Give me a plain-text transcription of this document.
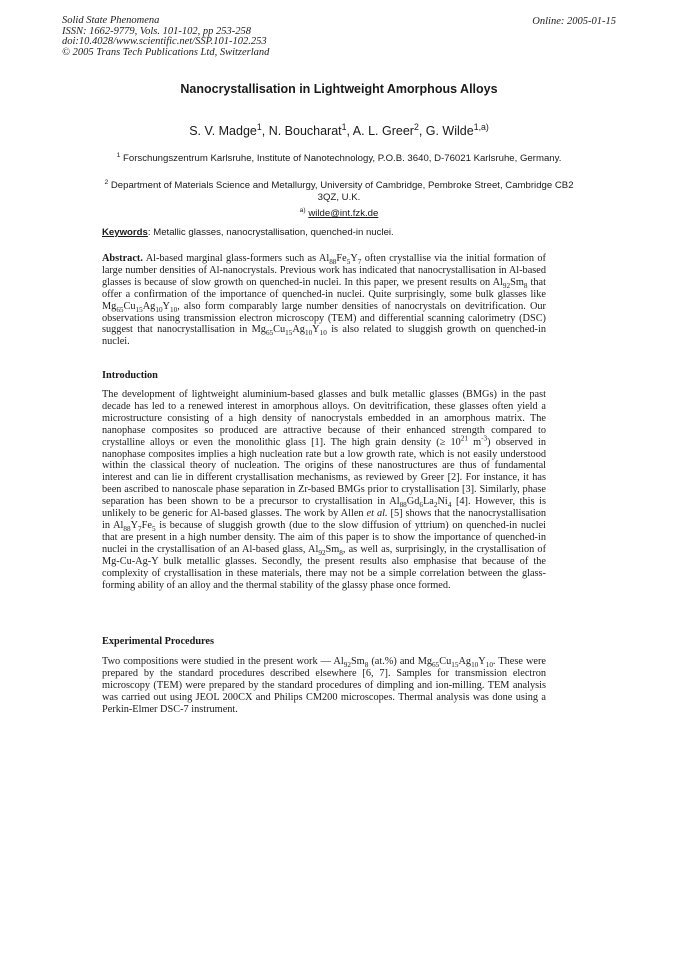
Solid State Phenomena
ISSN: 1662-9779, Vols. 101-102, pp 253-258
doi:10.4028/www.scientific.net/SSP.101-102.253
© 2005 Trans Tech Publications Ltd, Switzerland
Online: 2005-01-15
Nanocrystallisation in Lightweight Amorphous Alloys
S. V. Madge$^1$, N. Boucharat$^1$, A. L. Greer$^2$, G. Wilde$^{1,a)}$
$^1$ Forschungszentrum Karlsruhe, Institute of Nanotechnology, P.O.B. 3640, D-76021 Karlsruhe, Germany.
$^2$ Department of Materials Science and Metallurgy, University of Cambridge, Pembroke Street, Cambridge CB2 3QZ, U.K.
$^{a)}$ wilde@int.fzk.de
Keywords: Metallic glasses, nanocrystallisation, quenched-in nuclei.

Abstract. Al-based marginal glass-formers such as $Al_{88}Fe_5Y_7$ often crystallise via the initial formation of large number densities of Al-nanocrystals. Previous work has indicated that nanocrystallisation in Al-based glasses is because of slow growth on quenched-in nuclei. In this paper, we present results on $Al_{92}Sm_8$ that offer a confirmation of the importance of quenched-in nuclei. Quite surprisingly, some bulk glasses like $Mg_{65}Cu_{15}Ag_{10}Y_{10}$, also form comparably large number densities of nanocrystals on devitrification. Our observations using transmission electron microscopy (TEM) and differential scanning calorimetry (DSC) suggest that nanocrystallisation in $Mg_{65}Cu_{15}Ag_{10}Y_{10}$ is also related to sluggish growth on quenched-in nuclei.

Introduction

The development of lightweight aluminium-based glasses and bulk metallic glasses (BMGs) in the past decade has led to a renewed interest in amorphous alloys. On devitrification, these glasses often yield a microstructure consisting of a high density of nanocrystals embedded in an amorphous matrix. The nanophase composites so produced are attractive because of their enhanced strength compared to crystalline alloys or even the monolithic glass [1]. The high grain density (≥ $10^{21}$ $m^{-3}$) observed in nanophase composites implies a high nucleation rate but a low growth rate, which is not easily understood within the classical theory of nucleation. The origins of these nanostructures are thus of fundamental interest and can lie in different crystallisation mechanisms, as reviewed by Greer [2]. For instance, it has been ascribed to nanoscale phase separation in Zr-based BMGs prior to crystallisation [3]. Similarly, phase separation has been shown to be a precursor to crystallisation in $Al_{88}Gd_6La_2Ni_4$ [4]. However, this is unlikely to be generic for Al-based glasses. The work by Allen et al. [5] shows that the nanocrystallisation in $Al_{88}Y_7Fe_5$ is because of sluggish growth (due to the slow diffusion of yttrium) on quenched-in nuclei that are present in a high number density. The aim of this paper is to show the importance of quenched-in nuclei in the crystallisation of an Al-based glass, $Al_{92}Sm_8$, as well as, surprisingly, in the crystallisation of Mg-Cu-Ag-Y bulk metallic glasses. Secondly, the present results also emphasise that because of the complexity of crystallisation in these materials, there may not be a simple correlation between the glass-forming ability of an alloy and the thermal stability of the glassy phase once formed.

Experimental Procedures

Two compositions were studied in the present work — $Al_{92}Sm_8$ (at.%) and $Mg_{65}Cu_{15}Ag_{10}Y_{10}$. These were prepared by the standard procedures described elsewhere [6, 7]. Samples for transmission electron microscopy (TEM) were prepared by the standard procedures of dimpling and ion-milling. TEM analysis was carried out using JEOL 200CX and Philips CM200 microscopes. Thermal analysis was done using a Perkin-Elmer DSC-7 instrument.
